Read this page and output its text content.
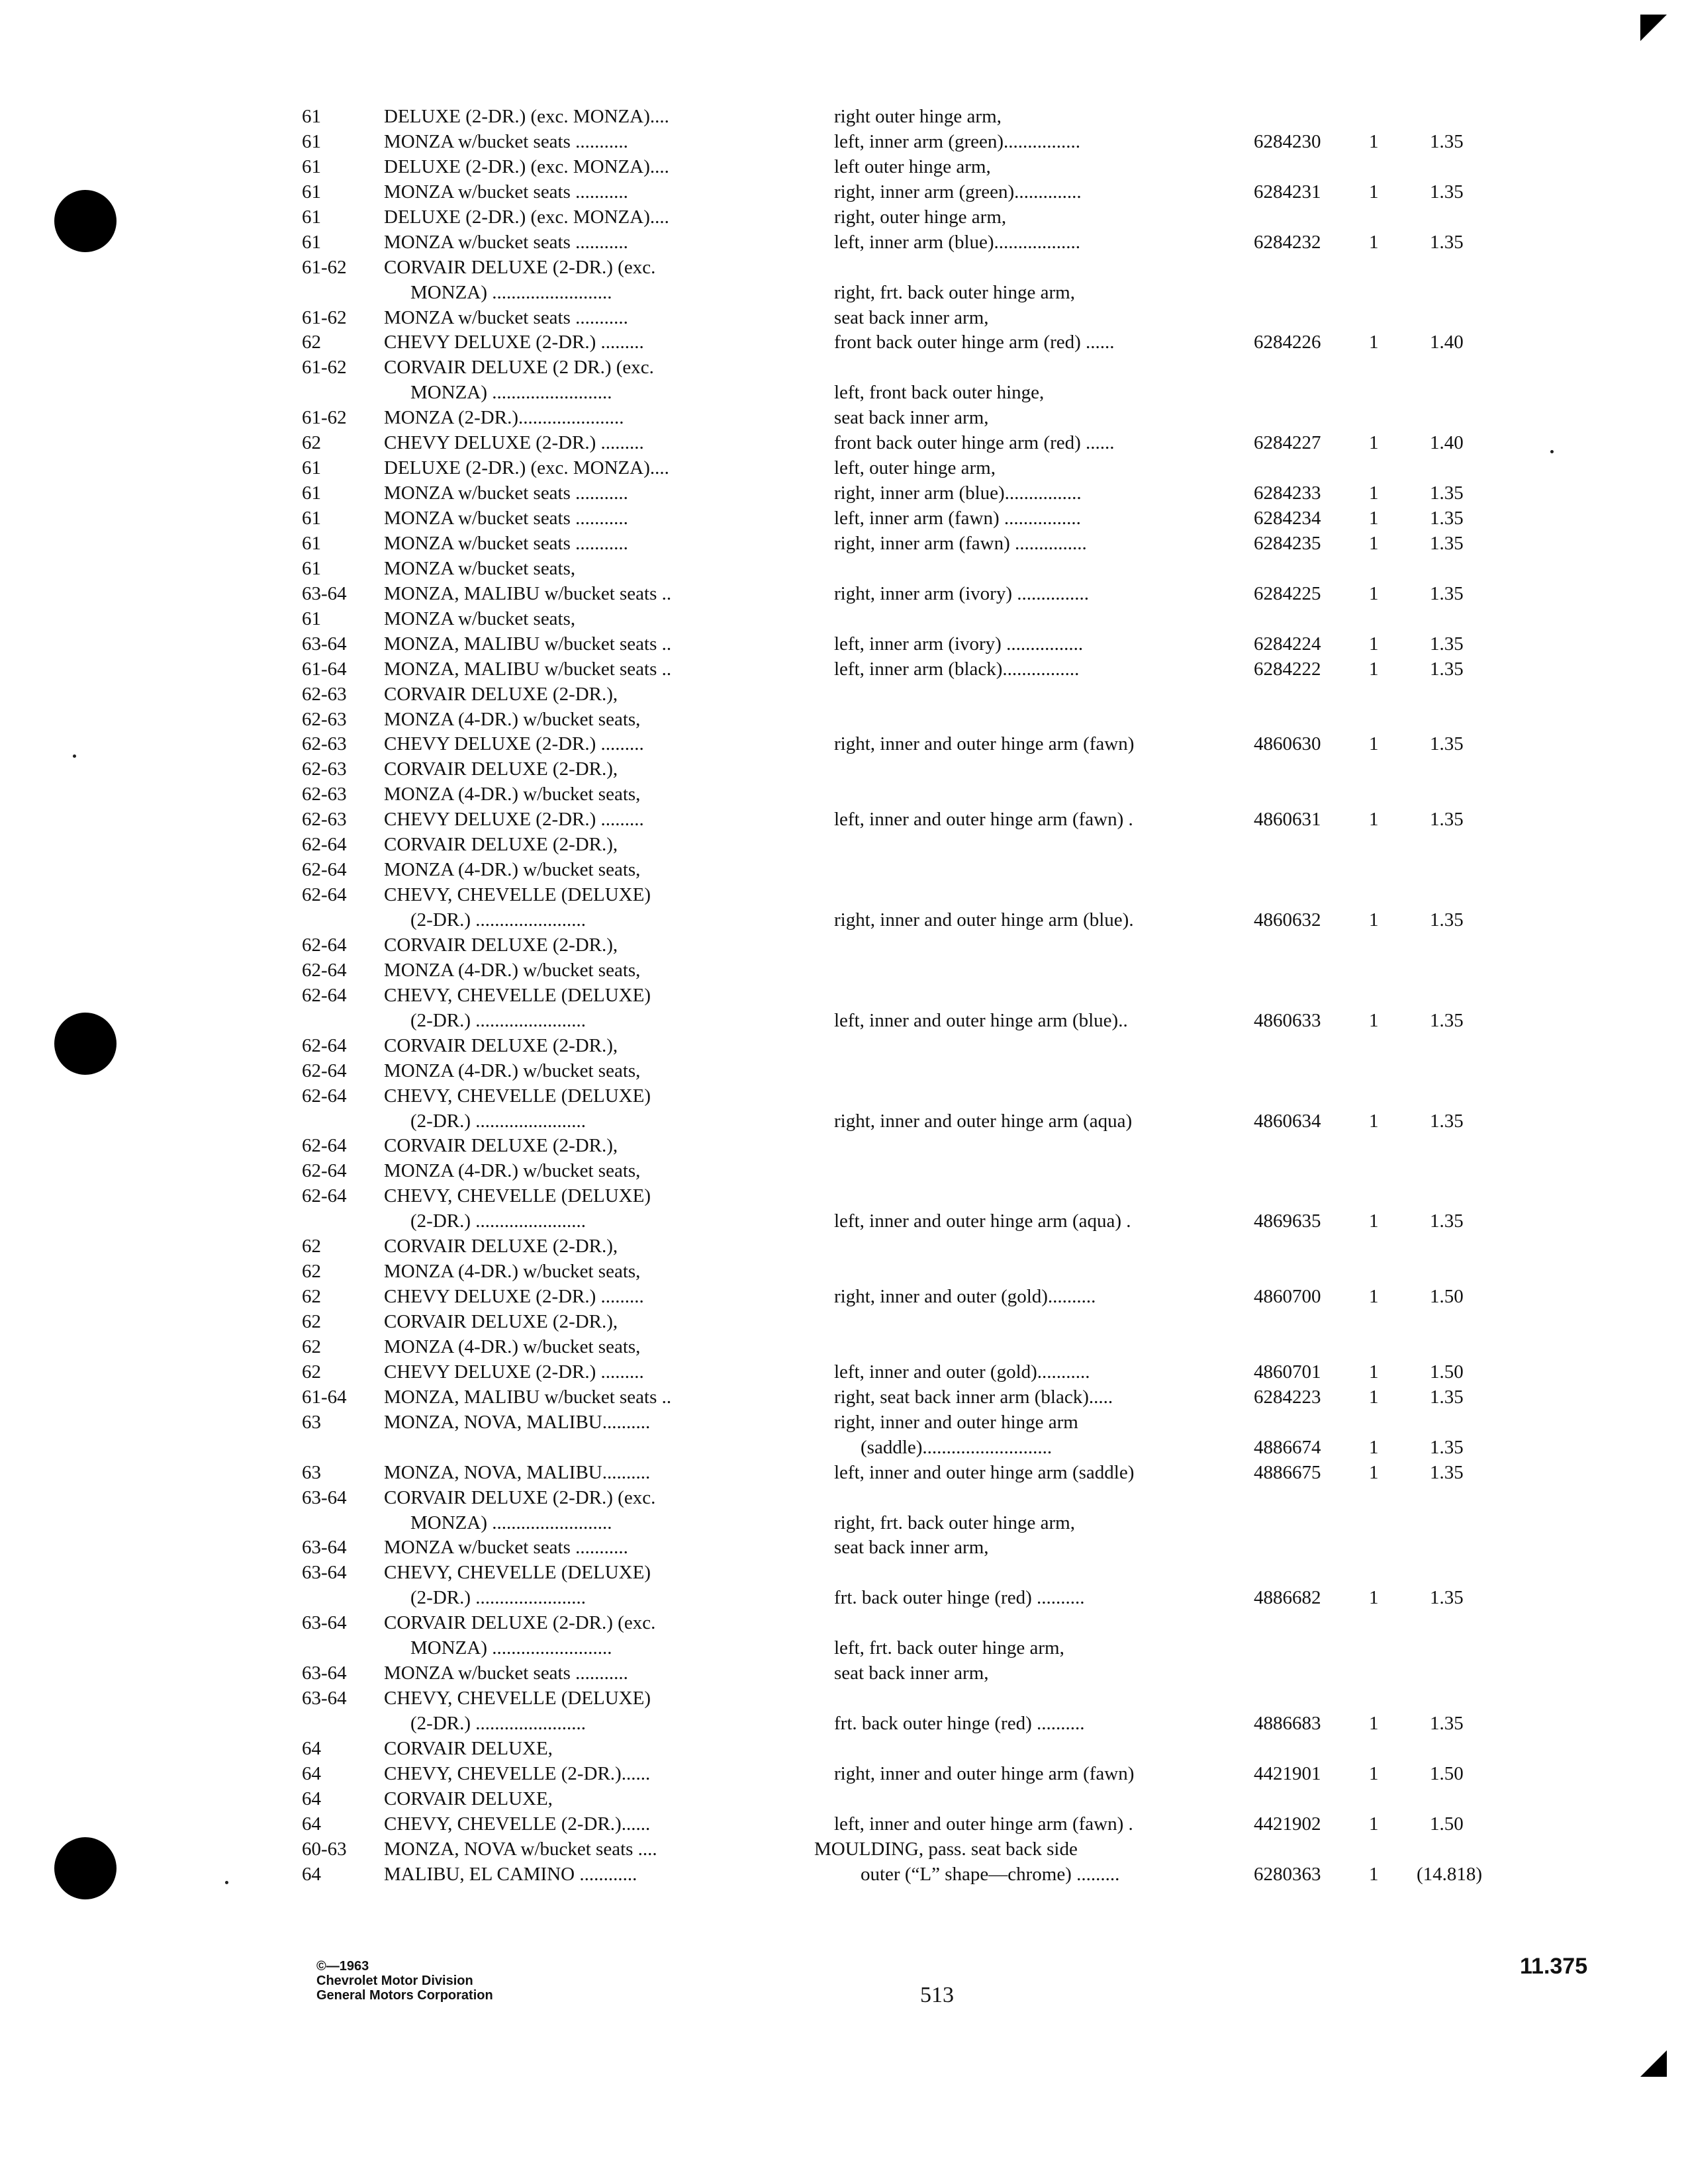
61	DELUXE (2-DR.) (exc. MONZA)....	right outer hinge arm,
61	MONZA w/bucket seats ...........	left, inner arm (green)................	6284230	1	1.35
61	DELUXE (2-DR.) (exc. MONZA)....	left outer hinge arm,
61	MONZA w/bucket seats ...........	right, inner arm (green)..............	6284231	1	1.35
61	DELUXE (2-DR.) (exc. MONZA)....	right, outer hinge arm,
61	MONZA w/bucket seats ...........	left, inner arm (blue)..................	6284232	1	1.35
61-62 CORVAIR DELUXE (2-DR.) (exc.
MONZA) .........................	right, frt. back outer hinge arm,
61-62 MONZA w/bucket seats ...........	seat back inner arm,
62	CHEVY DELUXE (2-DR.) .........	front back outer hinge arm (red) ......	6284226	1	1.40
61-62 CORVAIR DELUXE (2 DR.) (exc.
MONZA) .........................	left, front back outer hinge,
61-62 MONZA (2-DR.)......................	seat back inner arm,
62	CHEVY DELUXE (2-DR.) .........	front back outer hinge arm (red) ......	6284227	1	1.40
61	DELUXE (2-DR.) (exc. MONZA)....	left, outer hinge arm,
61	MONZA w/bucket seats ...........	right, inner arm (blue)................	6284233	1	1.35
61	MONZA w/bucket seats ...........	left, inner arm (fawn) ................	6284234	1	1.35
61	MONZA w/bucket seats ...........	right, inner arm (fawn) ...............	6284235	1	1.35
61	MONZA w/bucket seats,
63-64 MONZA, MALIBU w/bucket seats ..	right, inner arm (ivory) ...............	6284225	1	1.35
61	MONZA w/bucket seats,
63-64 MONZA, MALIBU w/bucket seats ..	left, inner arm (ivory) ................	6284224	1	1.35
61-64 MONZA, MALIBU w/bucket seats ..	left, inner arm (black)................	6284222	1	1.35
62-63 CORVAIR DELUXE (2-DR.),
62-63 MONZA (4-DR.) w/bucket seats,
62-63 CHEVY DELUXE (2-DR.) .........	right, inner and outer hinge arm (fawn)	4860630	1	1.35
62-63 CORVAIR DELUXE (2-DR.),
62-63 MONZA (4-DR.) w/bucket seats,
62-63 CHEVY DELUXE (2-DR.) .........	left, inner and outer hinge arm (fawn) .	4860631	1	1.35
62-64 CORVAIR DELUXE (2-DR.),
62-64 MONZA (4-DR.) w/bucket seats,
62-64 CHEVY, CHEVELLE (DELUXE)
(2-DR.) .......................	right, inner and outer hinge arm (blue).	4860632	1	1.35
62-64 CORVAIR DELUXE (2-DR.),
62-64 MONZA (4-DR.) w/bucket seats,
62-64 CHEVY, CHEVELLE (DELUXE)
(2-DR.) .......................	left, inner and outer hinge arm (blue)..	4860633	1	1.35
62-64 CORVAIR DELUXE (2-DR.),
62-64 MONZA (4-DR.) w/bucket seats,
62-64 CHEVY, CHEVELLE (DELUXE)
(2-DR.) .......................	right, inner and outer hinge arm (aqua)	4860634	1	1.35
62-64 CORVAIR DELUXE (2-DR.),
62-64 MONZA (4-DR.) w/bucket seats,
62-64 CHEVY, CHEVELLE (DELUXE)
(2-DR.) .......................	left, inner and outer hinge arm (aqua) .	4869635	1	1.35
62	CORVAIR DELUXE (2-DR.),
62	MONZA (4-DR.) w/bucket seats,
62	CHEVY DELUXE (2-DR.) .........	right, inner and outer (gold)..........	4860700	1	1.50
62	CORVAIR DELUXE (2-DR.),
62	MONZA (4-DR.) w/bucket seats,
62	CHEVY DELUXE (2-DR.) .........	left, inner and outer (gold)...........	4860701	1	1.50
61-64 MONZA, MALIBU w/bucket seats ..	right, seat back inner arm (black).....	6284223	1	1.35
63	MONZA, NOVA, MALIBU..........	right, inner and outer hinge arm
(saddle)...........................	4886674	1	1.35
63	MONZA, NOVA, MALIBU..........	left, inner and outer hinge arm (saddle)	4886675	1	1.35
63-64 CORVAIR DELUXE (2-DR.) (exc.
MONZA) .........................	right, frt. back outer hinge arm,
63-64 MONZA w/bucket seats ...........	seat back inner arm,
63-64 CHEVY, CHEVELLE (DELUXE)
(2-DR.) .......................	frt. back outer hinge (red) ..........	4886682	1	1.35
63-64 CORVAIR DELUXE (2-DR.) (exc.
MONZA) .........................	left, frt. back outer hinge arm,
63-64 MONZA w/bucket seats ...........	seat back inner arm,
63-64 CHEVY, CHEVELLE (DELUXE)
(2-DR.) .......................	frt. back outer hinge (red) ..........	4886683	1	1.35
64	CORVAIR DELUXE,
64	CHEVY, CHEVELLE (2-DR.)......	right, inner and outer hinge arm (fawn)	4421901	1	1.50
64	CORVAIR DELUXE,
64	CHEVY, CHEVELLE (2-DR.)......	left, inner and outer hinge arm (fawn) .	4421902	1	1.50
60-63 MONZA, NOVA w/bucket seats ....	MOULDING, pass. seat back side
64	MALIBU, EL CAMINO ............	outer (“L” shape—chrome) .........	6280363	1 (14.818)
©—1963
Chevrolet Motor Division
General Motors Corporation	513
11.375
